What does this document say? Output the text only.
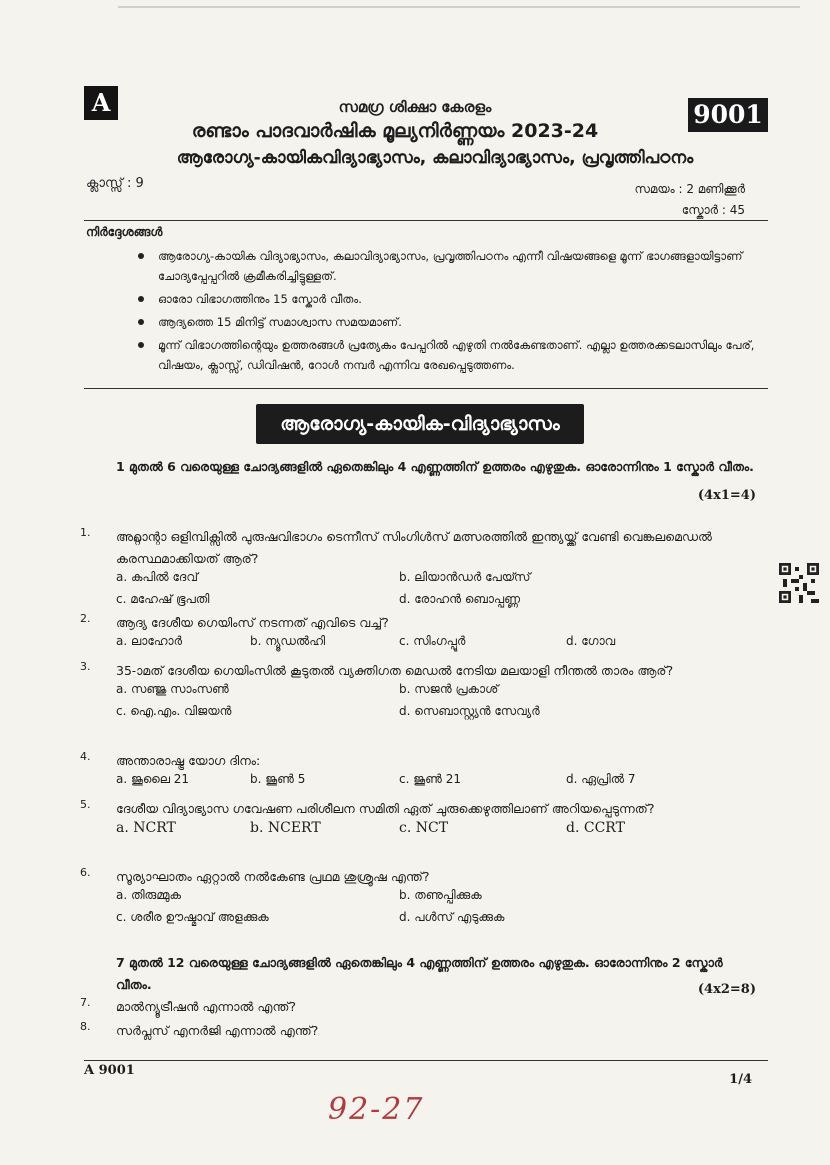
A	9001
സമഗ്ര ശിക്ഷാ കേരളം
രണ്ടാം പാദവാർഷിക മൂല്യനിർണ്ണയം 2023-24
ആരോഗ്യ-കായികവിദ്യാഭ്യാസം, കലാവിദ്യാഭ്യാസം, പ്രവൃത്തിപഠനം
ക്ലാസ്സ് : 9	സമയം : 2 മണിക്കൂർ
സ്കോർ : 45
നിർദ്ദേശങ്ങൾ
ആരോഗ്യ-കായിക വിദ്യാഭ്യാസം, കലാവിദ്യാഭ്യാസം, പ്രവൃത്തിപഠനം എന്നീ വിഷയങ്ങളെ മൂന്ന് ഭാഗങ്ങളായിട്ടാണ് ചോദ്യപ്പേപ്പറിൽ ക്രമീകരിച്ചിട്ടുള്ളത്.
ഓരോ വിഭാഗത്തിനും 15 സ്കോർ വീതം.
ആദ്യത്തെ 15 മിനിട്ട് സമാശ്വാസ സമയമാണ്.
മൂന്ന് വിഭാഗത്തിന്റെയും ഉത്തരങ്ങൾ പ്രത്യേകം പേപ്പറിൽ എഴുതി നൽകേണ്ടതാണ്. എല്ലാ ഉത്തരക്കടലാസിലും പേര്, വിഷയം, ക്ലാസ്സ്, ഡിവിഷൻ, റോൾ നമ്പർ എന്നിവ രേഖപ്പെടുത്തണം.
ആരോഗ്യ-കായിക-വിദ്യാഭ്യാസം
1 മുതൽ 6 വരെയുള്ള ചോദ്യങ്ങളിൽ ഏതെങ്കിലും 4 എണ്ണത്തിന് ഉത്തരം എഴുതുക. ഓരോന്നിനും 1 സ്കോർ വീതം.
(4x1=4)
1. അറ്റ്ലാന്റാ ഒളിമ്പിക്സിൽ പുരുഷവിഭാഗം ടെന്നീസ് സിംഗിൾസ് മത്സരത്തിൽ ഇന്ത്യയ്ക്ക് വേണ്ടി വെങ്കലമെഡൽ കരസ്ഥമാക്കിയത് ആര്?
a. കപിൽ ദേവ്	b. ലിയാൻഡർ പേയ്സ്
c. മഹേഷ് ഭൂപതി	d. രോഹൻ ബൊപ്പണ്ണ
2. ആദ്യ ദേശീയ ഗെയിംസ് നടന്നത് എവിടെ വച്ച്?
a. ലാഹോർ	b. ന്യൂഡൽഹി	c. സിംഗപ്പൂർ	d. ഗോവ
3. 35-ാമത് ദേശീയ ഗെയിംസിൽ കൂടുതൽ വ്യക്തിഗത മെഡൽ നേടിയ മലയാളി നീന്തൽ താരം ആര്?
a. സഞ്ജു സാംസൺ	b. സജൻ പ്രകാശ്
c. ഐ.എം. വിജയൻ	d. സെബാസ്റ്റ്യൻ സേവ്യർ
4. അന്താരാഷ്ട്ര യോഗ ദിനം:
a. ജൂലൈ 21	b. ജൂൺ 5	c. ജൂൺ 21	d. ഏപ്രിൽ 7
5. ദേശീയ വിദ്യാഭ്യാസ ഗവേഷണ പരിശീലന സമിതി ഏത് ചുരുക്കെഴുത്തിലാണ് അറിയപ്പെടുന്നത്?
a. NCRT	b. NCERT	c. NCT	d. CCRT
6. സൂര്യാഘാതം ഏറ്റാൽ നൽകേണ്ട പ്രഥമ ശുശ്രൂഷ എന്ത്?
a. തിരുമ്മുക	b. തണുപ്പിക്കുക
c. ശരീര ഊഷ്മാവ് അളക്കുക	d. പൾസ് എടുക്കുക
7 മുതൽ 12 വരെയുള്ള ചോദ്യങ്ങളിൽ ഏതെങ്കിലും 4 എണ്ണത്തിന് ഉത്തരം എഴുതുക. ഓരോന്നിനും 2 സ്കോർ വീതം.	(4x2=8)
7. മാൽന്യൂട്രീഷൻ എന്നാൽ എന്ത്?
8. സർപ്ലസ് എനർജി എന്നാൽ എന്ത്?
A 9001
1/4
92-27
